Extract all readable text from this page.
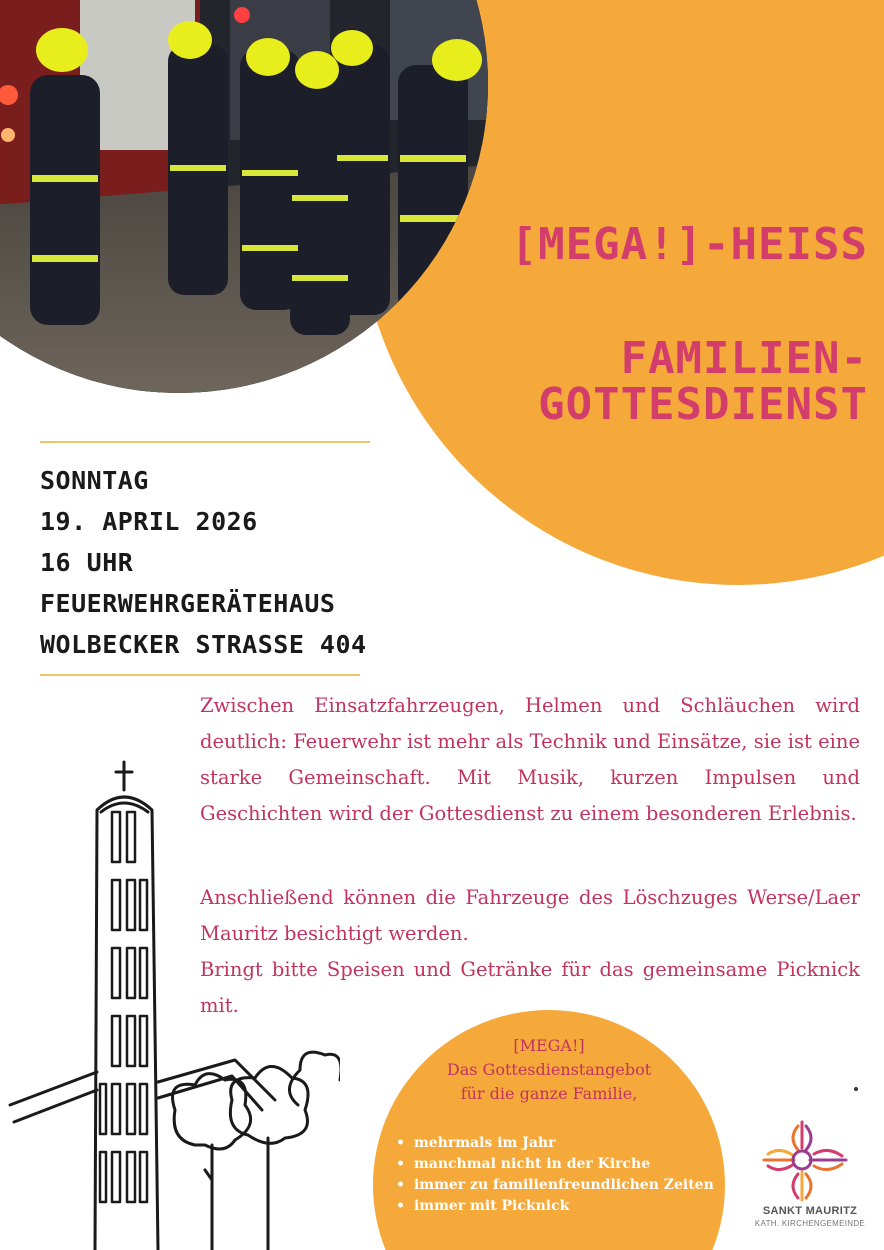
[MEGA!]-HEISS
FAMILIEN-
GOTTESDIENST
SONNTAG
19. APRIL 2026
16 UHR
FEUERWEHRGERÄTEHAUS
WOLBECKER STRASSE 404
Zwischen Einsatzfahrzeugen, Helmen und Schläuchen wird deutlich: Feuerwehr ist mehr als Technik und Einsätze, sie ist eine starke Gemeinschaft. Mit Musik, kurzen Impulsen und Geschichten wird der Gottesdienst zu einem besonderen Erlebnis.
Anschließend können die Fahrzeuge des Löschzuges Werse/Laer Mauritz besichtigt werden.
Bringt bitte Speisen und Getränke für das gemeinsame Picknick mit.
[MEGA!]
Das Gottesdienstangebot
für die ganze Familie,
• mehrmals im Jahr
• manchmal nicht in der Kirche
• immer zu familienfreundlichen Zeiten
• immer mit Picknick	SANKT MAURITZ
KATH. KIRCHENGEMEINDE
